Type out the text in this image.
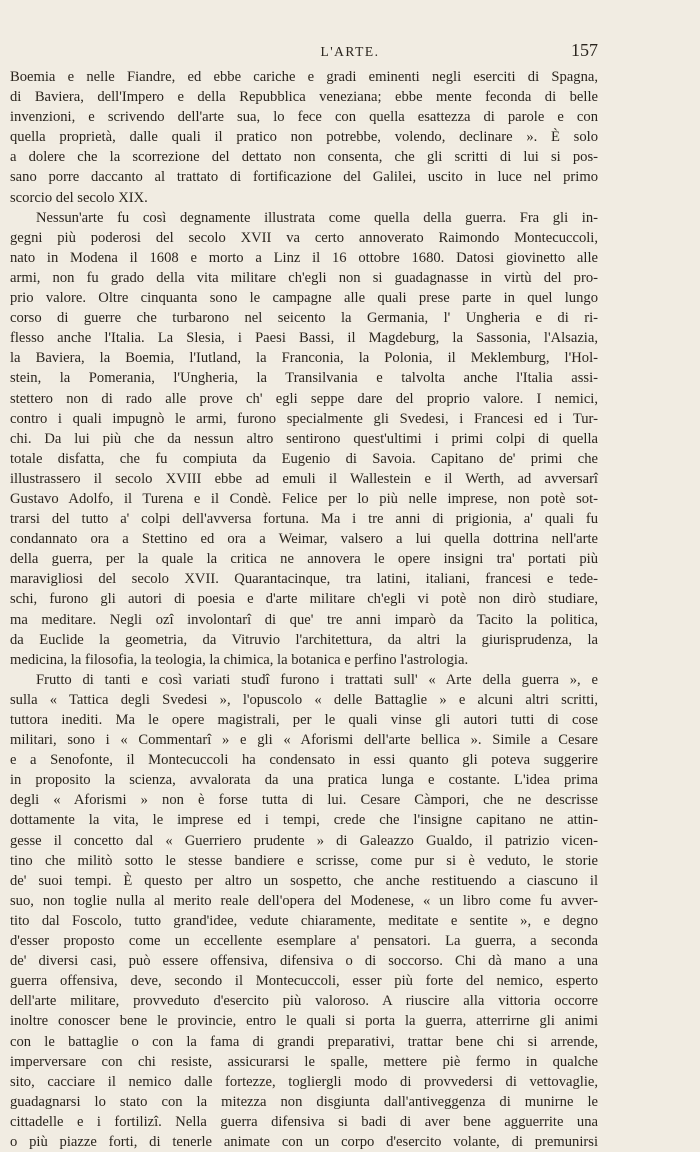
L'ARTE.	157
Boemia e nelle Fiandre, ed ebbe cariche e gradi eminenti negli eserciti di Spagna,
di Baviera, dell'Impero e della Repubblica veneziana; ebbe mente feconda di belle
invenzioni, e scrivendo dell'arte sua, lo fece con quella esattezza di parole e con
quella proprietà, dalle quali il pratico non potrebbe, volendo, declinare ». È solo
a dolere che la scorrezione del dettato non consenta, che gli scritti di lui si pos-
sano porre daccanto al trattato di fortificazione del Galilei, uscito in luce nel primo
scorcio del secolo XIX.
Nessun'arte fu così degnamente illustrata come quella della guerra. Fra gli in-
gegni più poderosi del secolo XVII va certo annoverato Raimondo Montecuccoli,
nato in Modena il 1608 e morto a Linz il 16 ottobre 1680. Datosi giovinetto alle
armi, non fu grado della vita militare ch'egli non si guadagnasse in virtù del pro-
prio valore. Oltre cinquanta sono le campagne alle quali prese parte in quel lungo
corso di guerre che turbarono nel seicento la Germania, l' Ungheria e di ri-
flesso anche l'Italia. La Slesia, i Paesi Bassi, il Magdeburg, la Sassonia, l'Alsazia,
la Baviera, la Boemia, l'Iutland, la Franconia, la Polonia, il Meklemburg, l'Hol-
stein, la Pomerania, l'Ungheria, la Transilvania e talvolta anche l'Italia assi-
stettero non di rado alle prove ch' egli seppe dare del proprio valore. I nemici,
contro i quali impugnò le armi, furono specialmente gli Svedesi, i Francesi ed i Tur-
chi. Da lui più che da nessun altro sentirono quest'ultimi i primi colpi di quella
totale disfatta, che fu compiuta da Eugenio di Savoia. Capitano de' primi che
illustrassero il secolo XVIII ebbe ad emuli il Wallestein e il Werth, ad avversarî
Gustavo Adolfo, il Turena e il Condè. Felice per lo più nelle imprese, non potè sot-
trarsi del tutto a' colpi dell'avversa fortuna. Ma i tre anni di prigionia, a' quali fu
condannato ora a Stettino ed ora a Weimar, valsero a lui quella dottrina nell'arte
della guerra, per la quale la critica ne annovera le opere insigni tra' portati più
maravigliosi del secolo XVII. Quarantacinque, tra latini, italiani, francesi e tede-
schi, furono gli autori di poesia e d'arte militare ch'egli vi potè non dirò studiare,
ma meditare. Negli ozî involontarî di que' tre anni imparò da Tacito la politica,
da Euclide la geometria, da Vitruvio l'architettura, da altri la giurisprudenza, la
medicina, la filosofia, la teologia, la chimica, la botanica e perfino l'astrologia.
Frutto di tanti e così variati studî furono i trattati sull' « Arte della guerra », e
sulla « Tattica degli Svedesi », l'opuscolo « delle Battaglie » e alcuni altri scritti,
tuttora inediti. Ma le opere magistrali, per le quali vinse gli autori tutti di cose
militari, sono i « Commentarî » e gli « Aforismi dell'arte bellica ». Simile a Cesare
e a Senofonte, il Montecuccoli ha condensato in essi quanto gli poteva suggerire
in proposito la scienza, avvalorata da una pratica lunga e costante. L'idea prima
degli « Aforismi » non è forse tutta di lui. Cesare Càmpori, che ne descrisse
dottamente la vita, le imprese ed i tempi, crede che l'insigne capitano ne attin-
gesse il concetto dal « Guerriero prudente » di Galeazzo Gualdo, il patrizio vicen-
tino che militò sotto le stesse bandiere e scrisse, come pur si è veduto, le storie
de' suoi tempi. È questo per altro un sospetto, che anche restituendo a ciascuno il
suo, non toglie nulla al merito reale dell'opera del Modenese, « un libro come fu avver-
tito dal Foscolo, tutto grand'idee, vedute chiaramente, meditate e sentite », e degno
d'esser proposto come un eccellente esemplare a' pensatori. La guerra, a seconda
de' diversi casi, può essere offensiva, difensiva o di soccorso. Chi dà mano a una
guerra offensiva, deve, secondo il Montecuccoli, esser più forte del nemico, esperto
dell'arte militare, provveduto d'esercito più valoroso. A riuscire alla vittoria occorre
inoltre conoscer bene le provincie, entro le quali si porta la guerra, atterrirne gli animi
con le battaglie o con la fama di grandi preparativi, trattar bene chi si arrende,
imperversare con chi resiste, assicurarsi le spalle, mettere piè fermo in qualche
sito, cacciare il nemico dalle fortezze, togliergli modo di provvedersi di vettovaglie,
guadagnarsi lo stato con la mitezza non disgiunta dall'antiveggenza di munirne le
cittadelle e i fortilizî. Nella guerra difensiva si badi di aver bene agguerrite una
o più piazze forti, di tenerle animate con un corpo d'esercito volante, di premunirsi
